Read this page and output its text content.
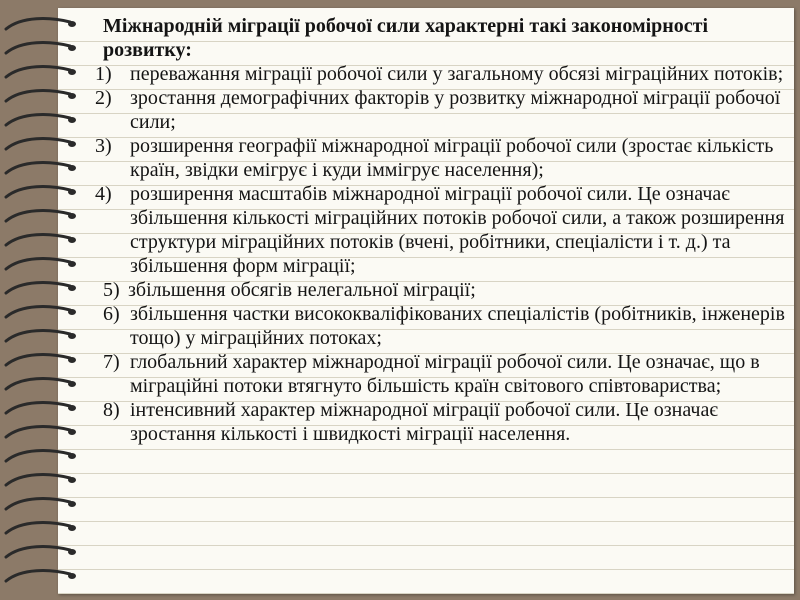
Міжнародній міграції робочої сили характерні такі закономірності розвитку:

1) переважання міграції робочої сили у загальному обсязі міграційних потоків;

2) зростання демографічних факторів у розвитку міжнародної міграції робочої сили;

3) розширення географії міжнародної міграції робочої сили (зростає кількість країн, звідки емігрує і куди іммігрує населення);

4) розширення масштабів міжнародної міграції робочої сили. Це означає збільшення кількості міграційних потоків робочої сили, а також розширення структури міграційних потоків (вчені, робітники, спеціалісти і т. д.) та збільшення форм міграції;

5) збільшення обсягів нелегальної міграції;

6) збільшення частки висококваліфікованих спеціалістів (робітників, інженерів тощо) у міграційних потоках;

7) глобальний характер міжнародної міграції робочої сили. Це означає, що в міграційні потоки втягнуто більшість країн світового співтовариства;

8) інтенсивний характер міжнародної міграції робочої сили. Це означає зростання кількості і швидкості міграції населення.
